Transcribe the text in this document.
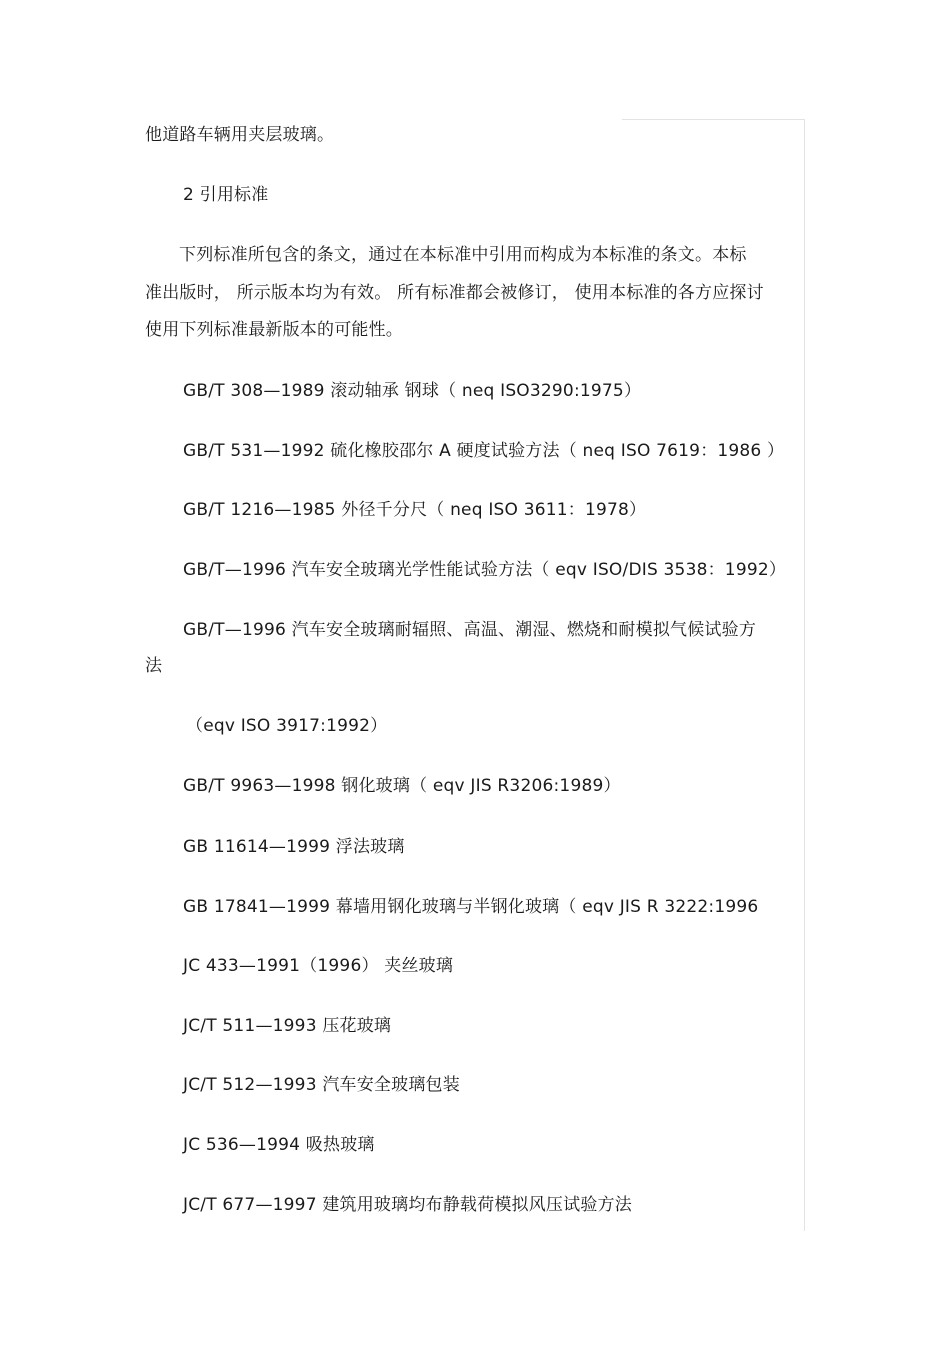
他道路车辆用夹层玻璃。
2 引用标准
下列标准所包含的条文，通过在本标准中引用而构成为本标准的条文。本标
准出版时， 所示版本均为有效。 所有标准都会被修订， 使用本标准的各方应探讨
使用下列标准最新版本的可能性。
GB/T 308—1989 滚动轴承 钢球（ neq ISO3290:1975）
GB/T 531—1992 硫化橡胶邵尔 A 硬度试验方法（ neq ISO 7619：1986 ）
GB/T 1216—1985 外径千分尺（ neq ISO 3611：1978）
GB/T—1996 汽车安全玻璃光学性能试验方法（ eqv ISO/DIS 3538：1992）
GB/T—1996 汽车安全玻璃耐辐照、高温、潮湿、燃烧和耐模拟气候试验方
法
（eqv ISO 3917:1992）
GB/T 9963—1998 钢化玻璃（ eqv JIS R3206:1989）
GB 11614—1999 浮法玻璃
GB 17841—1999 幕墙用钢化玻璃与半钢化玻璃（ eqv JIS R 3222:1996
JC 433—1991（1996） 夹丝玻璃
JC/T 511—1993 压花玻璃
JC/T 512—1993 汽车安全玻璃包装
JC 536—1994 吸热玻璃
JC/T 677—1997 建筑用玻璃均布静载荷模拟风压试验方法
